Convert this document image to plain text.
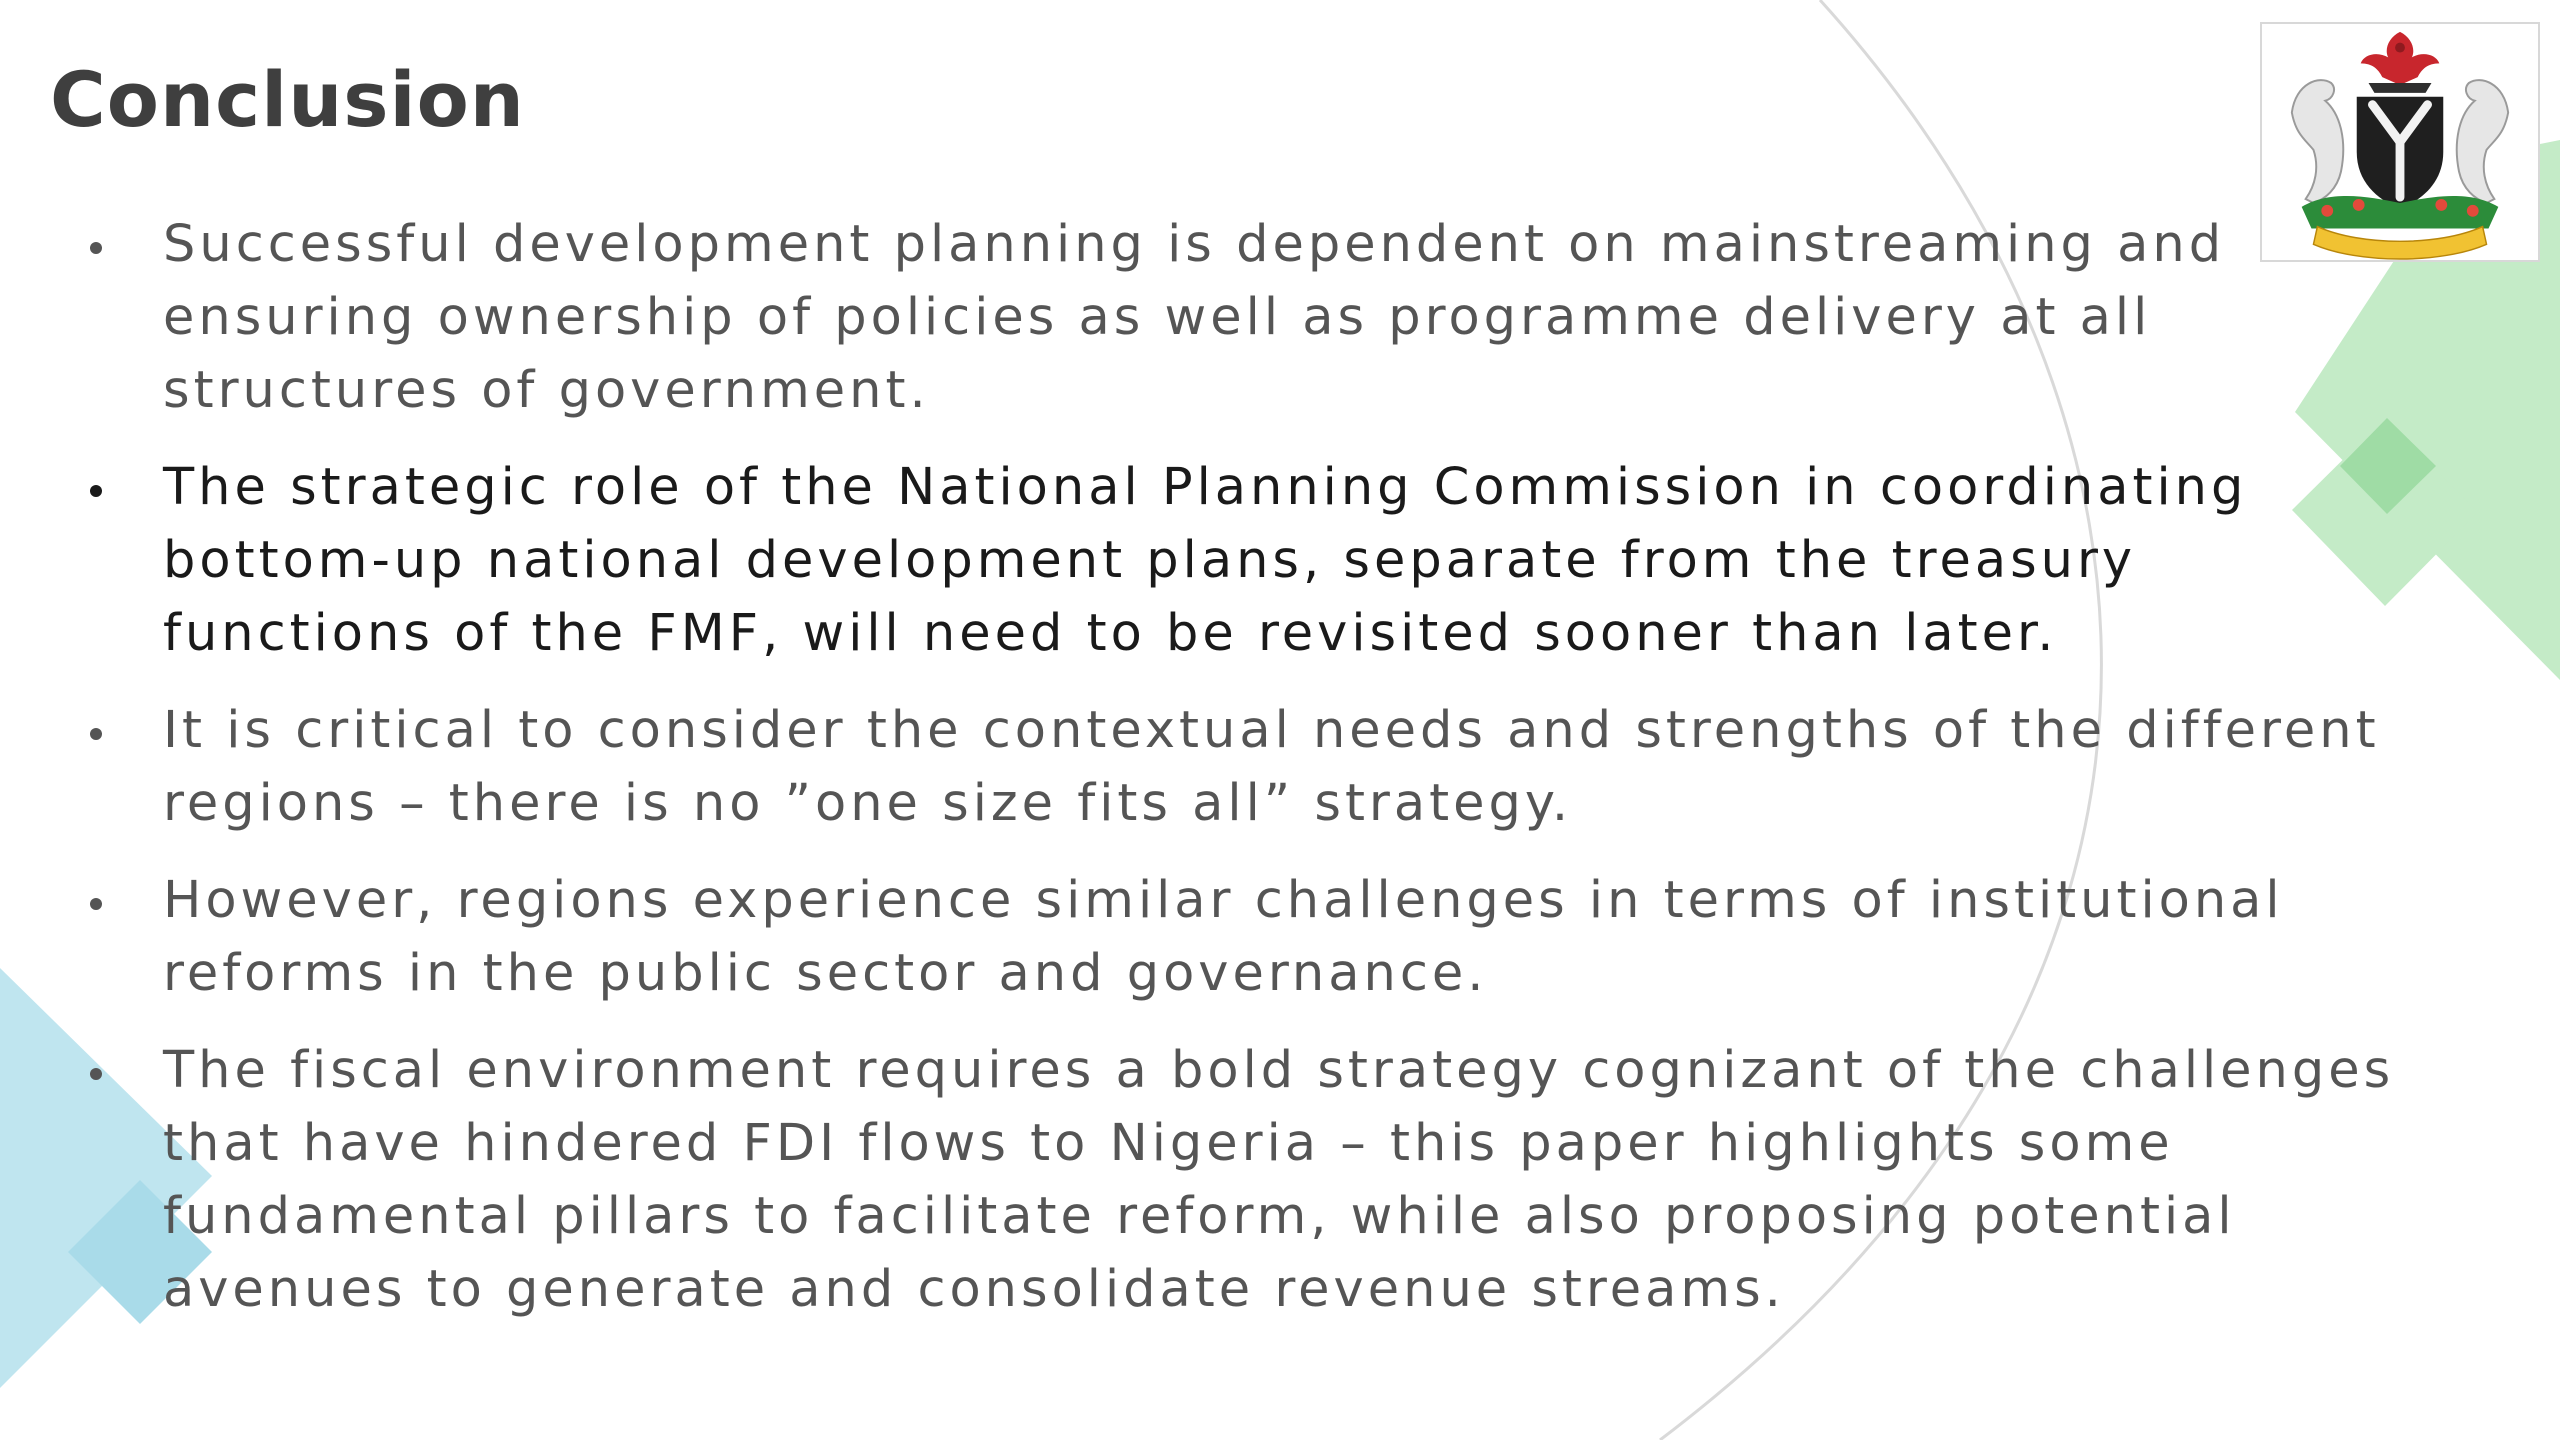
Conclusion
Successful development planning is dependent on mainstreaming and ensuring ownership of policies as well as programme delivery at all structures of government.
The strategic role of the National Planning Commission in coordinating bottom-up national development plans, separate from the treasury functions of the FMF, will need to be revisited sooner than later.
It is critical to consider the contextual needs and strengths of the different regions – there is no ”one size fits all” strategy.
However, regions experience similar challenges in terms of institutional reforms in the public sector and governance.
The fiscal environment requires a bold strategy cognizant of the challenges that have hindered FDI flows to Nigeria – this paper highlights some fundamental pillars to facilitate reform, while also proposing potential avenues to generate and consolidate revenue streams.
